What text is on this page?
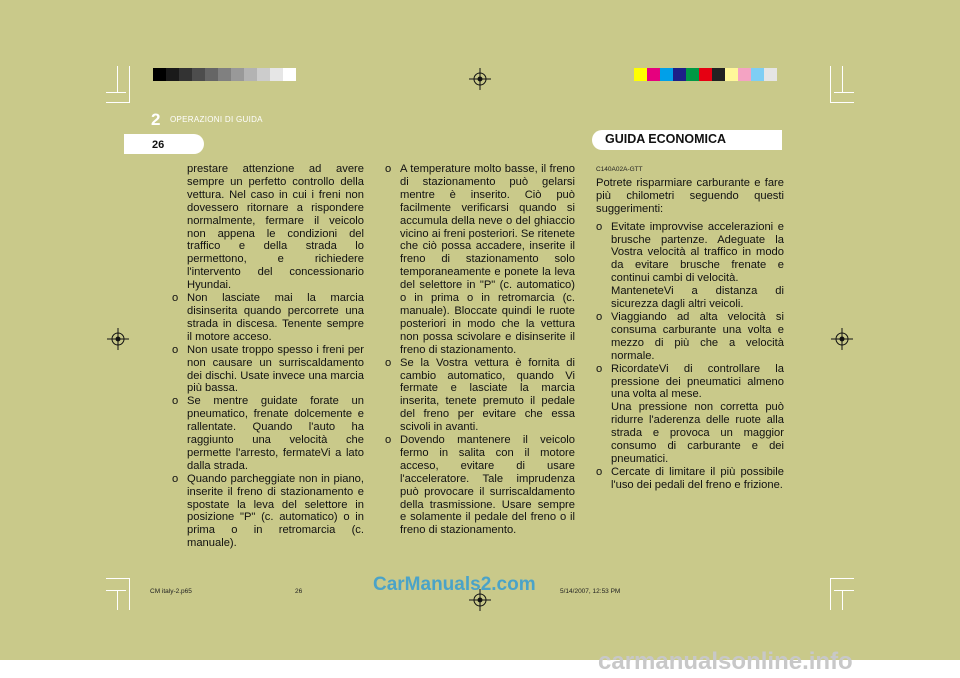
2 OPERAZIONI DI GUIDA
26	GUIDA ECONOMICA

prestare attenzione ad avere sempre un perfetto controllo della vettura. Nel caso in cui i freni non dovessero ritornare a rispondere normalmente, fermare il veicolo non appena le condizioni del traffico e della strada lo permettono, e richiedere l'intervento del concessionario Hyundai.

o Non lasciate mai la marcia disinserita quando percorrete una strada in discesa. Tenente sempre il motore acceso.

o Non usate troppo spesso i freni per non causare un surriscaldamento dei dischi. Usate invece una marcia più bassa.

o Se mentre guidate forate un pneumatico, frenate dolcemente e rallentate. Quando l'auto ha raggiunto una velocità che permette l'arresto, fermateVi a lato dalla strada.

o Quando parcheggiate non in piano, inserite il freno di stazionamento e spostate la leva del selettore in posizione "P" (c. automatico) o in prima o in retromarcia (c. manuale).

o A temperature molto basse, il freno di stazionamento può gelarsi mentre è inserito. Ciò può facilmente verificarsi quando si accumula della neve o del ghiaccio vicino ai freni posteriori. Se ritenete che ciò possa accadere, inserite il freno di stazionamento solo temporaneamente e ponete la leva del selettore in "P" (c. automatico) o in prima o in retromarcia (c. manuale). Bloccate quindi le ruote posteriori in modo che la vettura non possa scivolare e disinserite il freno di stazionamento.

o Se la Vostra vettura è fornita di cambio automatico, quando Vi fermate e lasciate la marcia inserita, tenete premuto il pedale del freno per evitare che essa scivoli in avanti.

o Dovendo mantenere il veicolo fermo in salita con il motore acceso, evitare di usare l'acceleratore. Tale imprudenza può provocare il surriscaldamento della trasmissione. Usare sempre e solamente il pedale del freno o il freno di stazionamento.

C140A02A-GTT

Potrete risparmiare carburante e fare più chilometri seguendo questi suggerimenti:

o Evitate improvvise accelerazioni e brusche partenze. Adeguate la Vostra velocità al traffico in modo da evitare brusche frenate e continui cambi di velocità.

ManteneteVi a distanza di sicurezza dagli altri veicoli.

o Viaggiando ad alta velocità si consuma carburante una volta e mezzo di più che a velocità normale.

o RicordateVi di controllare la pressione dei pneumatici almeno una volta al mese.

Una pressione non corretta può ridurre l'aderenza delle ruote alla strada e provoca un maggior consumo di carburante e dei pneumatici.

o Cercate di limitare il più possibile l'uso dei pedali del freno e frizione.

CM italy-2.p65	26	5/14/2007, 12:53 PM
CarManuals2.com
carmanualsonline.info
